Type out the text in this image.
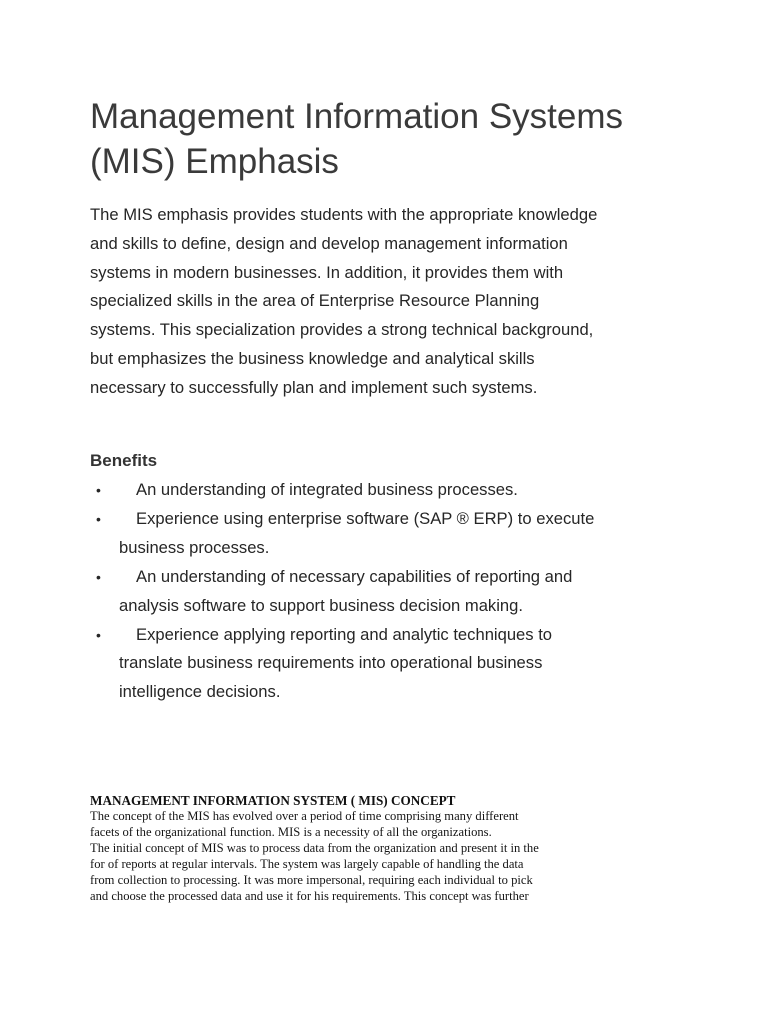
Management Information Systems
(MIS) Emphasis

The MIS emphasis provides students with the appropriate knowledge
and skills to define, design and develop management information
systems in modern businesses. In addition, it provides them with
specialized skills in the area of Enterprise Resource Planning
systems. This specialization provides a strong technical background,
but emphasizes the business knowledge and analytical skills
necessary to successfully plan and implement such systems.

Benefits
•	An understanding of integrated business processes.
•	Experience using enterprise software (SAP ® ERP) to execute
business processes.
•	An understanding of necessary capabilities of reporting and
analysis software to support business decision making.
•	Experience applying reporting and analytic techniques to
translate business requirements into operational business
intelligence decisions.
MANAGEMENT INFORMATION SYSTEM ( MIS) CONCEPT

The concept of the MIS has evolved over a period of time comprising many different
facets of the organizational function. MIS is a necessity of all the organizations.
The initial concept of MIS was to process data from the organization and present it in the
for of reports at regular intervals. The system was largely capable of handling the data
from collection to processing. It was more impersonal, requiring each individual to pick
and choose the processed data and use it for his requirements. This concept was further
